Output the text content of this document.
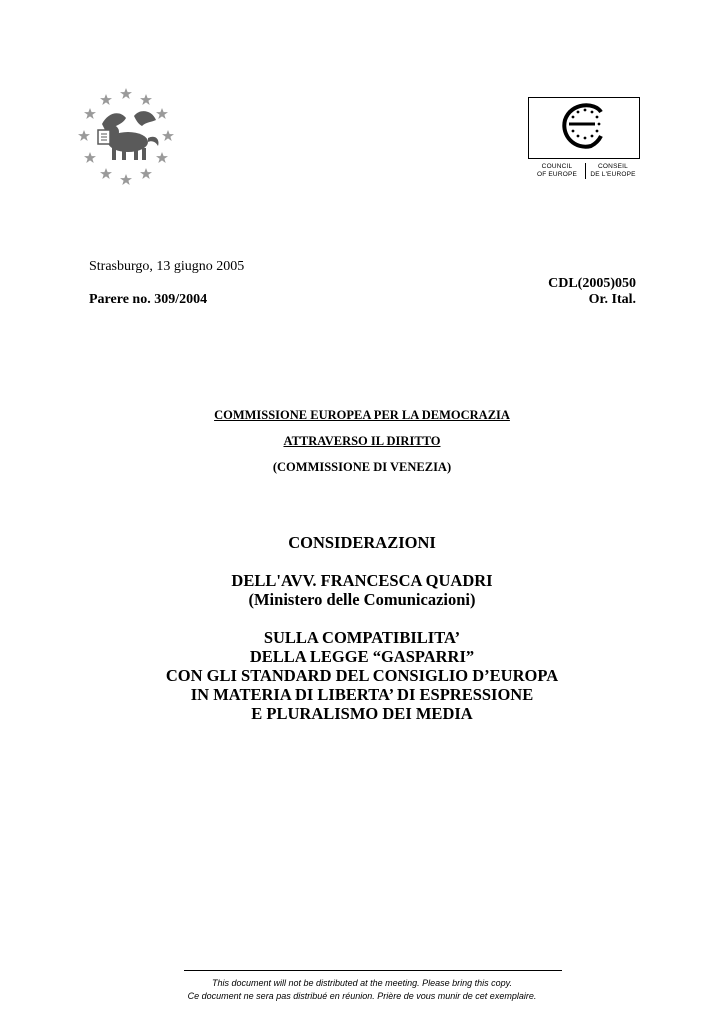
COUNCIL
OF EUROPE
CONSEIL
DE L'EUROPE
Strasburgo, 13 giugno 2005
CDL(2005)050
Parere no. 309/2004	Or. Ital.
COMMISSIONE EUROPEA PER LA DEMOCRAZIA
ATTRAVERSO IL DIRITTO
(COMMISSIONE DI VENEZIA)
CONSIDERAZIONI
DELL'AVV. FRANCESCA QUADRI
(Ministero delle Comunicazioni)
SULLA COMPATIBILITA’
DELLA LEGGE “GASPARRI”
CON GLI STANDARD DEL CONSIGLIO D’EUROPA
IN MATERIA DI LIBERTA’ DI ESPRESSIONE
E PLURALISMO DEI MEDIA
This document will not be distributed at the meeting. Please bring this copy.
Ce document ne sera pas distribué en réunion. Prière de vous munir de cet exemplaire.
